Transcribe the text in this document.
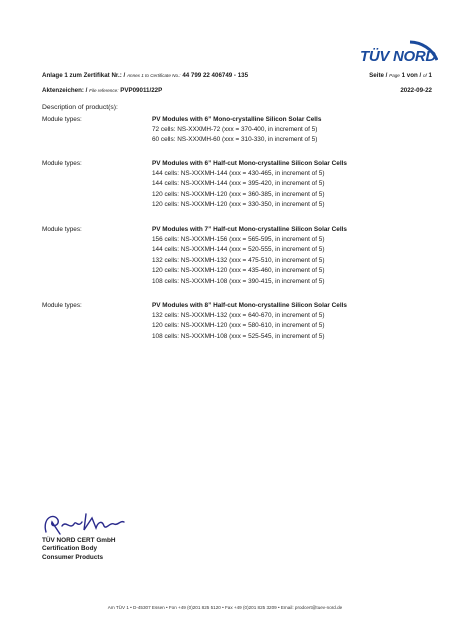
TÜV NORD
Anlage 1 zum Zertifikat Nr.: / Annex 1 to Certificate No.: 44 799 22 406749 - 135	Seite / Page 1 von / of 1
Aktenzeichen: / File reference: PVP09011/22P	2022-09-22
Description of product(s):
Module types:	PV Modules with 6” Mono-crystalline Silicon Solar Cells
72 cells: NS-XXXMH-72 (xxx = 370-400, in increment of 5)
60 cells: NS-XXXMH-60 (xxx = 310-330, in increment of 5)
Module types:	PV Modules with 6” Half-cut Mono-crystalline Silicon Solar Cells
144 cells: NS-XXXMH-144 (xxx = 430-465, in increment of 5)
144 cells: NS-XXXMH-144 (xxx = 395-420, in increment of 5)
120 cells: NS-XXXMH-120 (xxx = 360-385, in increment of 5)
120 cells: NS-XXXMH-120 (xxx = 330-350, in increment of 5)
Module types:	PV Modules with 7” Half-cut Mono-crystalline Silicon Solar Cells
156 cells: NS-XXXMH-156 (xxx = 565-595, in increment of 5)
144 cells: NS-XXXMH-144 (xxx = 520-555, in increment of 5)
132 cells: NS-XXXMH-132 (xxx = 475-510, in increment of 5)
120 cells: NS-XXXMH-120 (xxx = 435-460, in increment of 5)
108 cells: NS-XXXMH-108 (xxx = 390-415, in increment of 5)
Module types:	PV Modules with 8” Half-cut Mono-crystalline Silicon Solar Cells
132 cells: NS-XXXMH-132 (xxx = 640-670, in increment of 5)
120 cells: NS-XXXMH-120 (xxx = 580-610, in increment of 5)
108 cells: NS-XXXMH-108 (xxx = 525-545, in increment of 5)
TÜV NORD CERT GmbH
Certification Body
Consumer Products
Am TÜV 1 • D-45307 Essen • Fon +49 (0)201 825 5120 • Fax +49 (0)201 825 3209 • Email: prodcert@tuev-nord.de
